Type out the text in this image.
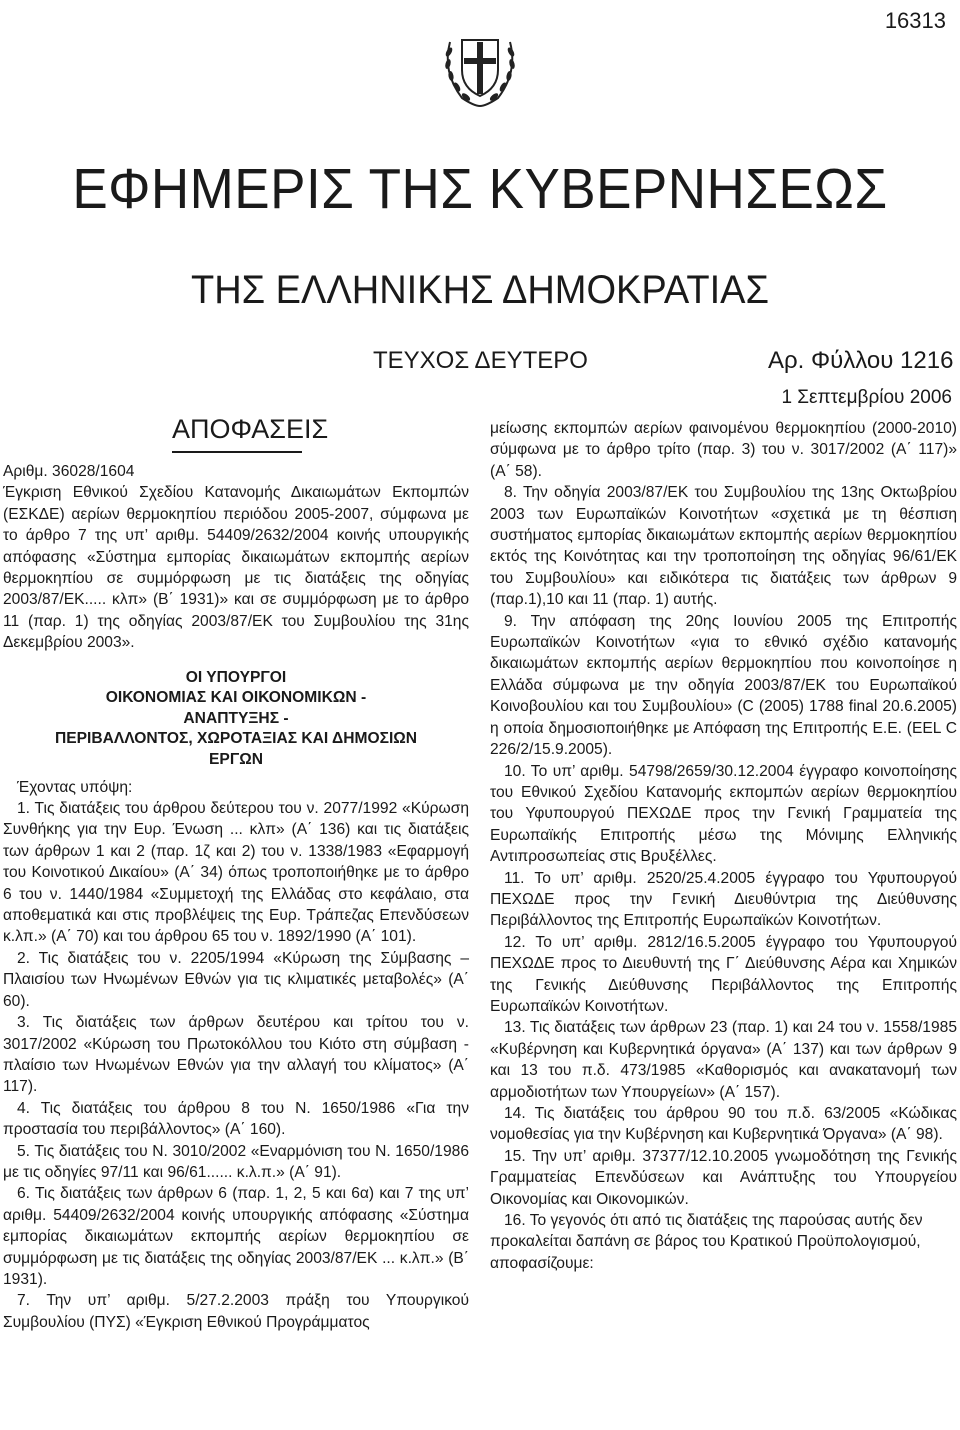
16313
ΕΦΗΜΕΡΙΣ ΤΗΣ ΚΥΒΕΡΝΗΣΕΩΣ
ΤΗΣ ΕΛΛΗΝΙΚΗΣ ΔΗΜΟΚΡΑΤΙΑΣ
ΤΕΥΧΟΣ ΔΕΥΤΕΡΟ	Αρ. Φύλλου 1216
1 Σεπτεμβρίου 2006
ΑΠΟΦΑΣΕΙΣ

Αριθμ. 36028/1604

Έγκριση Εθνικού Σχεδίου Κατανομής Δικαιωμάτων Εκπομπών (ΕΣΚΔΕ) αερίων θερμοκηπίου περιόδου 2005-2007, σύμφωνα με το άρθρο 7 της υπ’ αριθμ. 54409/2632/2004 κοινής υπουργικής απόφασης «Σύστημα εμπορίας δικαιωμάτων εκπομπής αερίων θερμοκηπίου σε συμμόρφωση με τις διατάξεις της οδηγίας 2003/87/ΕΚ..... κλπ» (Β΄ 1931)» και σε συμμόρφωση με το άρθρο 11 (παρ. 1) της οδηγίας 2003/87/ΕΚ του Συμβουλίου της 31ης Δεκεμβρίου 2003».

ΟΙ ΥΠΟΥΡΓΟΙ
ΟΙΚΟΝΟΜΙΑΣ ΚΑΙ ΟΙΚΟΝΟΜΙΚΩΝ -
ΑΝΑΠΤΥΞΗΣ -
ΠΕΡΙΒΑΛΛΟΝΤΟΣ, ΧΩΡΟΤΑΞΙΑΣ ΚΑΙ ΔΗΜΟΣΙΩΝ
ΕΡΓΩΝ

Έχοντας υπόψη:

1. Τις διατάξεις του άρθρου δεύτερου του ν. 2077/1992 «Κύρωση Συνθήκης για την Ευρ. Ένωση ... κλπ» (Α΄ 136) και τις διατάξεις των άρθρων 1 και 2 (παρ. 1ζ και 2) του ν. 1338/1983 «Εφαρμογή του Κοινοτικού Δικαίου» (Α΄ 34) όπως τροποποιήθηκε με το άρθρο 6 του ν. 1440/1984 «Συμμετοχή της Ελλάδας στο κεφάλαιο, στα αποθεματικά και στις προβλέψεις της Ευρ. Τράπεζας Επενδύσεων κ.λπ.» (Α΄ 70) και του άρθρου 65 του ν. 1892/1990 (Α΄ 101).

2. Τις διατάξεις του ν. 2205/1994 «Κύρωση της Σύμβασης – Πλαισίου των Ηνωμένων Εθνών για τις κλιματικές μεταβολές» (Α΄ 60).

3. Τις διατάξεις των άρθρων δευτέρου και τρίτου του ν. 3017/2002 «Κύρωση του Πρωτοκόλλου του Κιότο στη σύμβαση - πλαίσιο των Ηνωμένων Εθνών για την αλλαγή του κλίματος» (Α΄ 117).

4. Τις διατάξεις του άρθρου 8 του Ν. 1650/1986 «Για την προστασία του περιβάλλοντος» (Α΄ 160).

5. Τις διατάξεις του Ν. 3010/2002 «Εναρμόνιση του Ν. 1650/1986 με τις οδηγίες 97/11 και 96/61...... κ.λ.π.» (Α΄ 91).

6. Τις διατάξεις των άρθρων 6 (παρ. 1, 2, 5 και 6α) και 7 της υπ’ αριθμ. 54409/2632/2004 κοινής υπουργικής απόφασης «Σύστημα εμπορίας δικαιωμάτων εκπομπής αερίων θερμοκηπίου σε συμμόρφωση με τις διατάξεις της οδηγίας 2003/87/ΕΚ ... κ.λπ.» (Β΄ 1931).

7. Την υπ’ αριθμ. 5/27.2.2003 πράξη του Υπουργικού Συμβουλίου (ΠΥΣ) «Έγκριση Εθνικού Προγράμματος

μείωσης εκπομπών αερίων φαινομένου θερμοκηπίου (2000-2010) σύμφωνα με το άρθρο τρίτο (παρ. 3) του ν. 3017/2002 (Α΄ 117)» (Α΄ 58).

8. Την οδηγία 2003/87/ΕΚ του Συμβουλίου της 13ης Οκτωβρίου 2003 των Ευρωπαϊκών Κοινοτήτων «σχετικά με τη θέσπιση συστήματος εμπορίας δικαιωμάτων εκπομπής αερίων θερμοκηπίου εκτός της Κοινότητας και την τροποποίηση της οδηγίας 96/61/ΕΚ του Συμβουλίου» και ειδικότερα τις διατάξεις των άρθρων 9 (παρ.1),10 και 11 (παρ. 1) αυτής.

9. Την απόφαση της 20ης Ιουνίου 2005 της Επιτροπής Ευρωπαϊκών Κοινοτήτων «για το εθνικό σχέδιο κατανομής δικαιωμάτων εκπομπής αερίων θερμοκηπίου που κοινοποίησε η Ελλάδα σύμφωνα με την οδηγία 2003/87/ΕΚ του Ευρωπαϊκού Κοινοβουλίου και του Συμβουλίου» (C (2005) 1788 final 20.6.2005) η οποία δημοσιοποιήθηκε με Απόφαση της Επιτροπής Ε.Ε. (EEL C 226/2/15.9.2005).

10. Το υπ’ αριθμ. 54798/2659/30.12.2004 έγγραφο κοινοποίησης του Εθνικού Σχεδίου Κατανομής εκπομπών αερίων θερμοκηπίου του Υφυπουργού ΠΕΧΩΔΕ προς την Γενική Γραμματεία της Ευρωπαϊκής Επιτροπής μέσω της Μόνιμης Ελληνικής Αντιπροσωπείας στις Βρυξέλλες.

11. Το υπ’ αριθμ. 2520/25.4.2005 έγγραφο του Υφυπουργού ΠΕΧΩΔΕ προς την Γενική Διευθύντρια της Διεύθυνσης Περιβάλλοντος της Επιτροπής Ευρωπαϊκών Κοινοτήτων.

12. Το υπ’ αριθμ. 2812/16.5.2005 έγγραφο του Υφυπουργού ΠΕΧΩΔΕ προς το Διευθυντή της Γ΄ Διεύθυνσης Αέρα και Χημικών της Γενικής Διεύθυνσης Περιβάλλοντος της Επιτροπής Ευρωπαϊκών Κοινοτήτων.

13. Τις διατάξεις των άρθρων 23 (παρ. 1) και 24 του ν. 1558/1985 «Κυβέρνηση και Κυβερνητικά όργανα» (Α΄ 137) και των άρθρων 9 και 13 του π.δ. 473/1985 «Καθορισμός και ανακατανομή των αρμοδιοτήτων των Υπουργείων» (Α΄ 157).

14. Τις διατάξεις του άρθρου 90 του π.δ. 63/2005 «Κώδικας νομοθεσίας για την Κυβέρνηση και Κυβερνητικά Όργανα» (Α΄ 98).

15. Την υπ’ αριθμ. 37377/12.10.2005 γνωμοδότηση της Γενικής Γραμματείας Επενδύσεων και Ανάπτυξης του Υπουργείου Οικονομίας και Οικονομικών.

16. Το γεγονός ότι από τις διατάξεις της παρούσας αυτής δεν προκαλείται δαπάνη σε βάρος του Κρατικού Προϋπολογισμού, αποφασίζουμε:
